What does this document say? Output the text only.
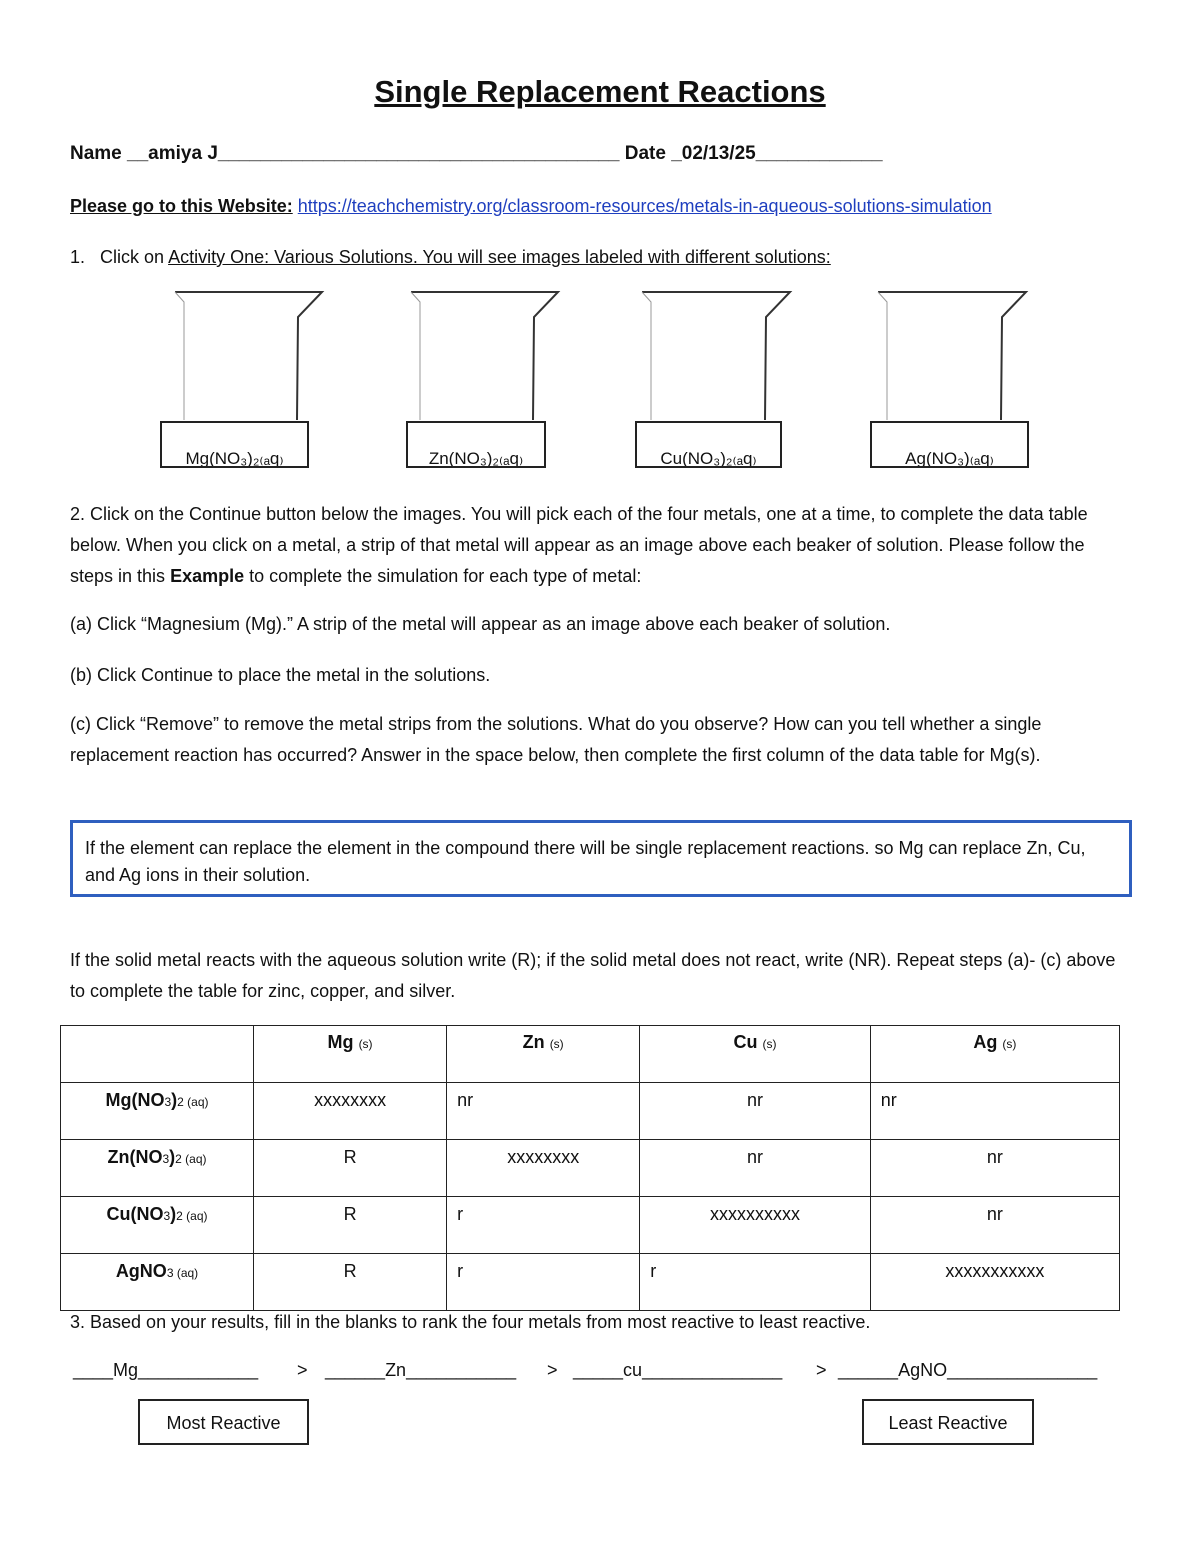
Single Replacement Reactions
Name __amiya J______________________________________ Date _02/13/25____________
Please go to this Website: https://teachchemistry.org/classroom-resources/metals-in-aqueous-solutions-simulation
1. Click on Activity One: Various Solutions. You will see images labeled with different solutions:
Mg(NO₃)₂₍ₐq₎	Zn(NO₃)₂₍ₐq₎	Cu(NO₃)₂₍ₐq₎	Ag(NO₃)₍ₐq₎
2. Click on the Continue button below the images. You will pick each of the four metals, one at a time, to complete the data table below. When you click on a metal, a strip of that metal will appear as an image above each beaker of solution. Please follow the steps in this Example to complete the simulation for each type of metal:
(a) Click “Magnesium (Mg).” A strip of the metal will appear as an image above each beaker of solution.
(b) Click Continue to place the metal in the solutions.
(c) Click “Remove” to remove the metal strips from the solutions. What do you observe? How can you tell whether a single replacement reaction has occurred? Answer in the space below, then complete the first column of the data table for Mg(s).
If the element can replace the element in the compound there will be single replacement reactions. so Mg can replace Zn, Cu, and Ag ions in their solution.
If the solid metal reacts with the aqueous solution write (R); if the solid metal does not react, write (NR). Repeat steps (a)- (c) above to complete the table for zinc, copper, and silver.
	Mg (s)	Zn (s)	Cu (s)	Ag (s)
Mg(NO3)2 (aq)	xxxxxxxx	nr	nr	nr
Zn(NO3)2 (aq)	R	xxxxxxxx	nr	nr
Cu(NO3)2 (aq)	R	r	xxxxxxxxxx	nr
AgNO3 (aq)	R	r	r	xxxxxxxxxxx
3. Based on your results, fill in the blanks to rank the four metals from most reactive to least reactive.
____Mg____________ > ______Zn___________ > _____cu______________ > ______AgNO_______________
Most Reactive	Least Reactive
